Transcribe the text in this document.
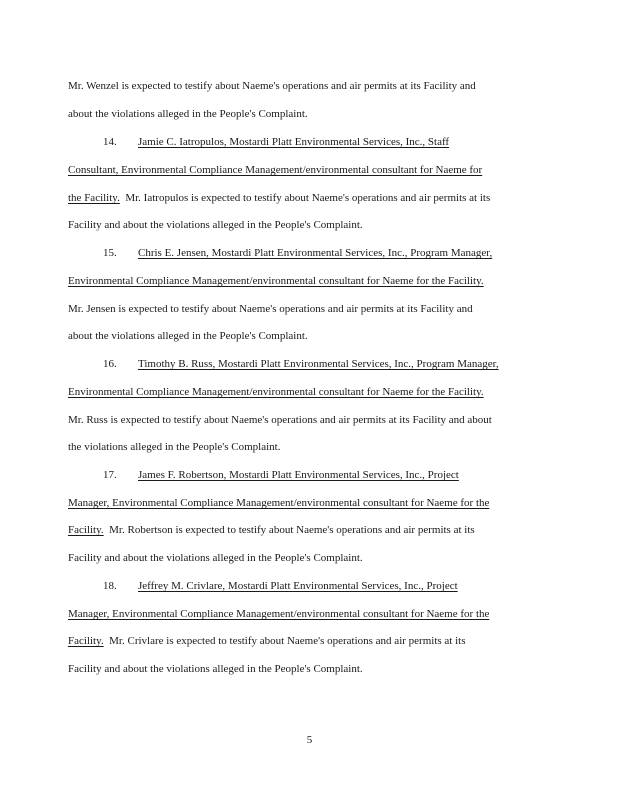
Mr. Wenzel is expected to testify about Naeme's operations and air permits at its Facility and
about the violations alleged in the People's Complaint.
14. Jamie C. Iatropulos, Mostardi Platt Environmental Services, Inc., Staff
Consultant, Environmental Compliance Management/environmental consultant for Naeme for
the Facility.  Mr. Iatropulos is expected to testify about Naeme's operations and air permits at its
Facility and about the violations alleged in the People's Complaint.
15. Chris E. Jensen, Mostardi Platt Environmental Services, Inc., Program Manager,
Environmental Compliance Management/environmental consultant for Naeme for the Facility.
Mr. Jensen is expected to testify about Naeme's operations and air permits at its Facility and
about the violations alleged in the People's Complaint.
16. Timothy B. Russ, Mostardi Platt Environmental Services, Inc., Program Manager,
Environmental Compliance Management/environmental consultant for Naeme for the Facility.
Mr. Russ is expected to testify about Naeme's operations and air permits at its Facility and about
the violations alleged in the People's Complaint.
17. James F. Robertson, Mostardi Platt Environmental Services, Inc., Project
Manager, Environmental Compliance Management/environmental consultant for Naeme for the
Facility.  Mr. Robertson is expected to testify about Naeme's operations and air permits at its
Facility and about the violations alleged in the People's Complaint.
18. Jeffrey M. Crivlare, Mostardi Platt Environmental Services, Inc., Project
Manager, Environmental Compliance Management/environmental consultant for Naeme for the
Facility.  Mr. Crivlare is expected to testify about Naeme's operations and air permits at its
Facility and about the violations alleged in the People's Complaint.
5
